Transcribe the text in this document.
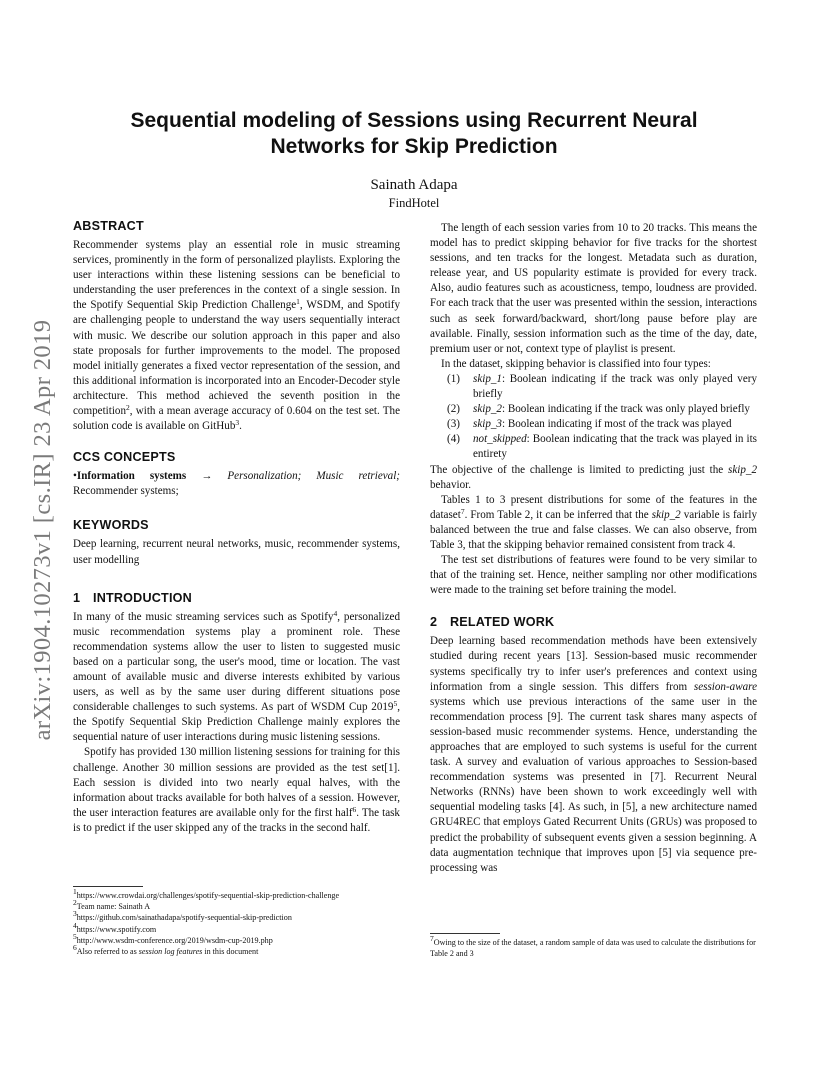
arXiv:1904.10273v1 [cs.IR] 23 Apr 2019
Sequential modeling of Sessions using Recurrent Neural Networks for Skip Prediction
Sainath Adapa
FindHotel
ABSTRACT

Recommender systems play an essential role in music streaming services, prominently in the form of personalized playlists. Exploring the user interactions within these listening sessions can be beneficial to understanding the user preferences in the context of a single session. In the Spotify Sequential Skip Prediction Challenge$^1$, WSDM, and Spotify are challenging people to understand the way users sequentially interact with music. We describe our solution approach in this paper and also state proposals for further improvements to the model. The proposed model initially generates a fixed vector representation of the session, and this additional information is incorporated into an Encoder-Decoder style architecture. This method achieved the seventh position in the competition$^2$, with a mean average accuracy of 0.604 on the test set. The solution code is available on GitHub$^3$.

CCS CONCEPTS

•Information systems → Personalization; Music retrieval; Recommender systems;

KEYWORDS

Deep learning, recurrent neural networks, music, recommender systems, user modelling

1 INTRODUCTION

In many of the music streaming services such as Spotify$^4$, personalized music recommendation systems play a prominent role. These recommendation systems allow the user to listen to suggested music based on a particular song, the user's mood, time or location. The vast amount of available music and diverse interests exhibited by various users, as well as by the same user during different situations pose considerable challenges to such systems. As part of WSDM Cup 2019$^5$, the Spotify Sequential Skip Prediction Challenge mainly explores the sequential nature of user interactions during music listening sessions.

Spotify has provided 130 million listening sessions for training for this challenge. Another 30 million sessions are provided as the test set[1]. Each session is divided into two nearly equal halves, with the information about tracks available for both halves of a session. However, the user interaction features are available only for the first half$^6$. The task is to predict if the user skipped any of the tracks in the second half.

$^1$https://www.crowdai.org/challenges/spotify-sequential-skip-prediction-challenge

$^2$Team name: Sainath A

$^3$https://github.com/sainathadapa/spotify-sequential-skip-prediction

$^4$https://www.spotify.com

$^5$http://www.wsdm-conference.org/2019/wsdm-cup-2019.php

$^6$Also referred to as session log features in this document

The length of each session varies from 10 to 20 tracks. This means the model has to predict skipping behavior for five tracks for the shortest sessions, and ten tracks for the longest. Metadata such as duration, release year, and US popularity estimate is provided for every track. Also, audio features such as acousticness, tempo, loudness are provided. For each track that the user was presented within the session, interactions such as seek forward/backward, short/long pause before play are available. Finally, session information such as the time of the day, date, premium user or not, context type of playlist is present.

In the dataset, skipping behavior is classified into four types:

(1) skip_1: Boolean indicating if the track was only played very briefly
(2) skip_2: Boolean indicating if the track was only played briefly
(3) skip_3: Boolean indicating if most of the track was played
(4) not_skipped: Boolean indicating that the track was played in its entirety

The objective of the challenge is limited to predicting just the skip_2 behavior.

Tables 1 to 3 present distributions for some of the features in the dataset$^7$. From Table 2, it can be inferred that the skip_2 variable is fairly balanced between the true and false classes. We can also observe, from Table 3, that the skipping behavior remained consistent from track 4.

The test set distributions of features were found to be very similar to that of the training set. Hence, neither sampling nor other modifications were made to the training set before training the model.

2 RELATED WORK

Deep learning based recommendation methods have been extensively studied during recent years [13]. Session-based music recommender systems specifically try to infer user's preferences and context using information from a single session. This differs from session-aware systems which use previous interactions of the same user in the recommendation process [9]. The current task shares many aspects of session-based music recommender systems. Hence, understanding the approaches that are employed to such systems is useful for the current task. A survey and evaluation of various approaches to Session-based recommendation systems was presented in [7]. Recurrent Neural Networks (RNNs) have been shown to work exceedingly well with sequential modeling tasks [4]. As such, in [5], a new architecture named GRU4REC that employs Gated Recurrent Units (GRUs) was proposed to predict the probability of subsequent events given a session beginning. A data augmentation technique that improves upon [5] via sequence pre-processing was

$^7$Owing to the size of the dataset, a random sample of data was used to calculate the distributions for Table 2 and 3
